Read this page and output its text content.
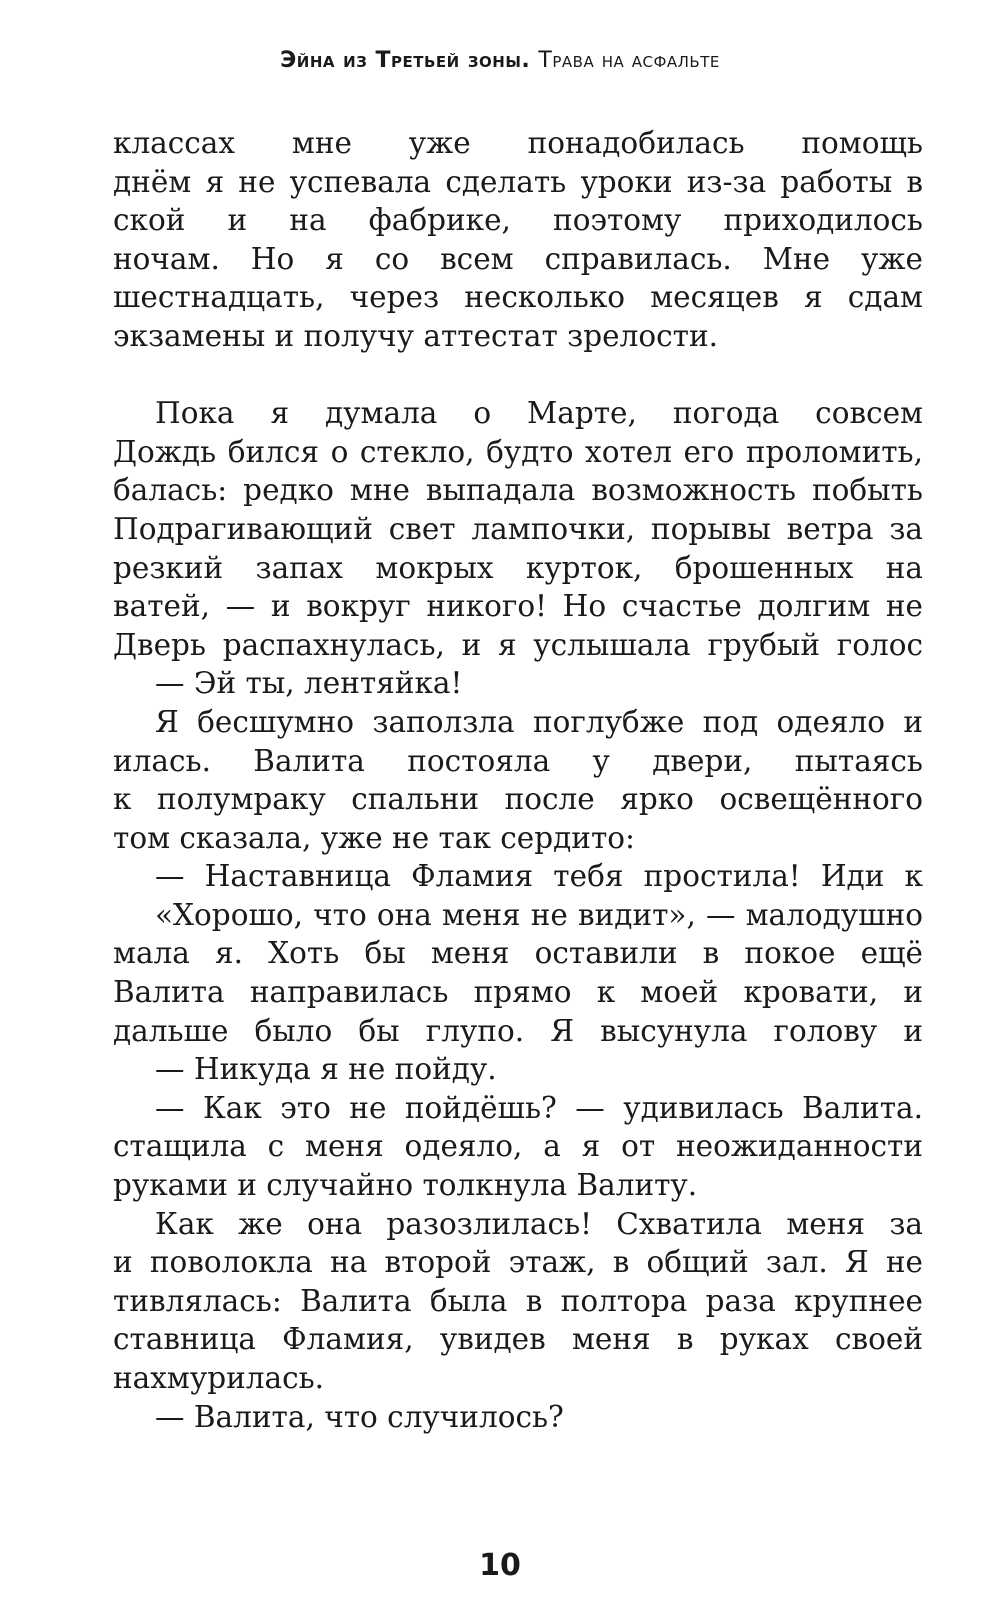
Эйна из Третьей зоны. Трава на асфальте
классах мне уже понадобилась помощь
днём я не успевала сделать уроки из-за работы в
ской и на фабрике, поэтому приходилось
ночам. Но я со всем справилась. Мне уже
шестнадцать, через несколько месяцев я сдам
экзамены и получу аттестат зрелости.
Пока я думала о Марте, погода совсем
Дождь бился о стекло, будто хотел его проломить,
балась: редко мне выпадала возможность побыть
Подрагивающий свет лампочки, порывы ветра за
резкий запах мокрых курток, брошенных на
ватей, — и вокруг никого! Но счастье долгим не
Дверь распахнулась, и я услышала грубый голос
— Эй ты, лентяйка!
Я бесшумно заползла поглубже под одеяло и
илась. Валита постояла у двери, пытаясь
к полумраку спальни после ярко освещённого
том сказала, уже не так сердито:
— Наставница Фламия тебя простила! Иди к
«Хорошо, что она меня не видит», — малодушно
мала я. Хоть бы меня оставили в покое ещё
Валита направилась прямо к моей кровати, и
дальше было бы глупо. Я высунула голову и
— Никуда я не пойду.
— Как это не пойдёшь? — удивилась Валита.
стащила с меня одеяло, а я от неожиданности
руками и случайно толкнула Валиту.
Как же она разозлилась! Схватила меня за
и поволокла на второй этаж, в общий зал. Я не
тивлялась: Валита была в полтора раза крупнее
ставница Фламия, увидев меня в руках своей
нахмурилась.
— Валита, что случилось?
10
